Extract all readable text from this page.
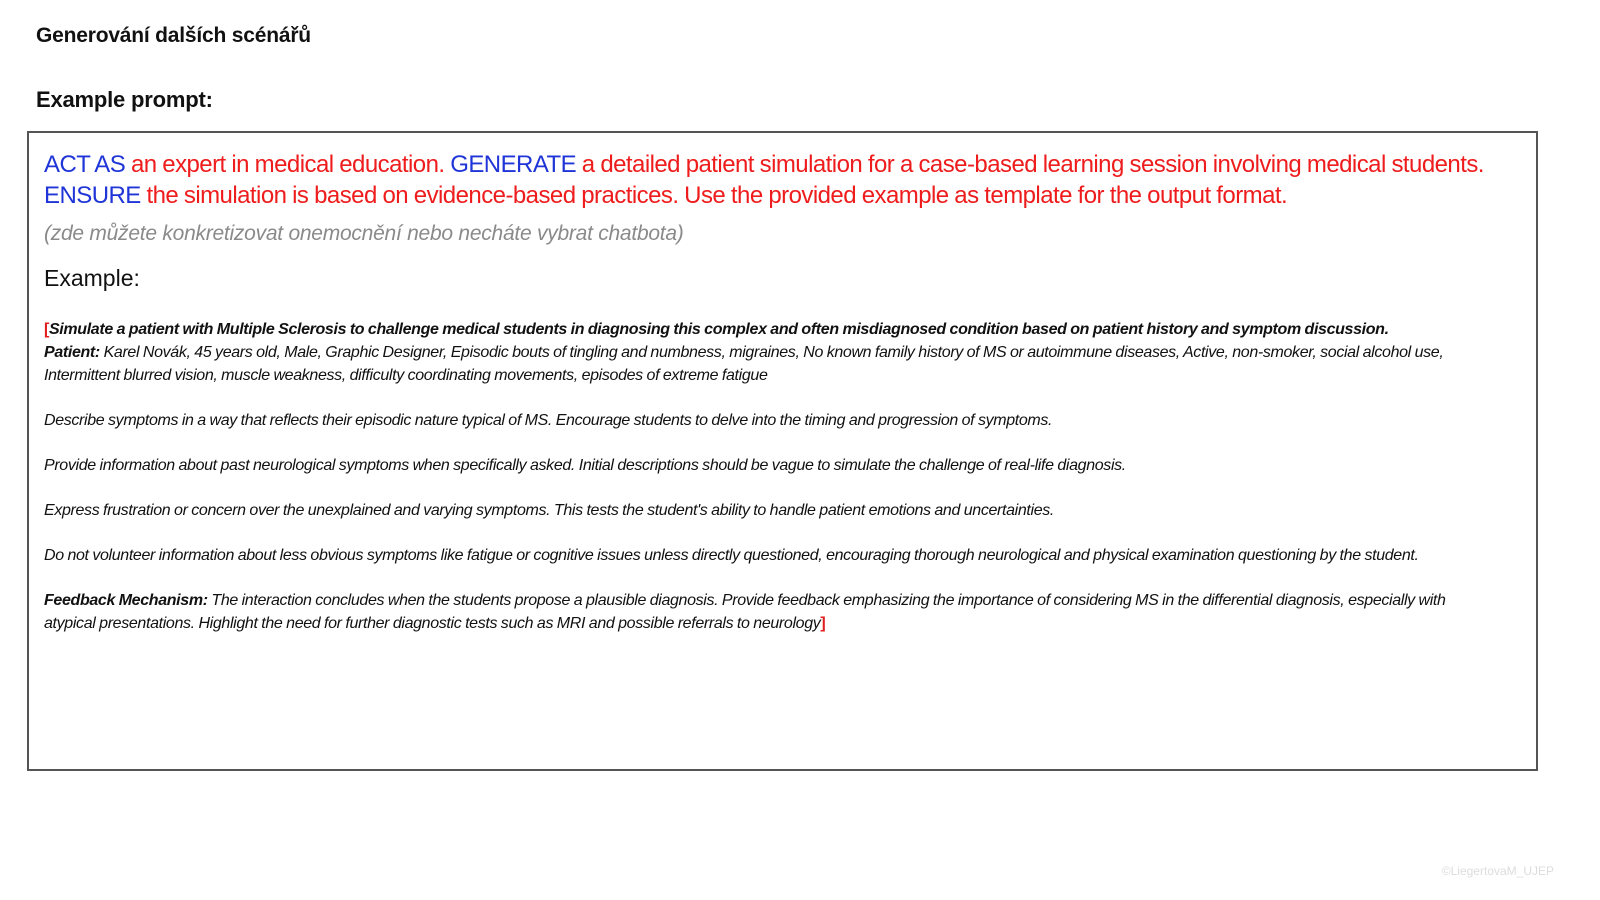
Generování dalších scénářů
Example prompt:
ACT AS an expert in medical education. GENERATE a detailed patient simulation for a case-based learning session involving medical students. ENSURE the simulation is based on evidence-based practices. Use the provided example as template for the output format.
(zde můžete konkretizovat onemocnění nebo necháte vybrat chatbota)
Example:

[Simulate a patient with Multiple Sclerosis to challenge medical students in diagnosing this complex and often misdiagnosed condition based on patient history and symptom discussion.

Patient: Karel Novák, 45 years old, Male, Graphic Designer, Episodic bouts of tingling and numbness, migraines, No known family history of MS or autoimmune diseases, Active, non-smoker, social alcohol use, Intermittent blurred vision, muscle weakness, difficulty coordinating movements, episodes of extreme fatigue

Describe symptoms in a way that reflects their episodic nature typical of MS. Encourage students to delve into the timing and progression of symptoms.

Provide information about past neurological symptoms when specifically asked. Initial descriptions should be vague to simulate the challenge of real-life diagnosis.

Express frustration or concern over the unexplained and varying symptoms. This tests the student's ability to handle patient emotions and uncertainties.

Do not volunteer information about less obvious symptoms like fatigue or cognitive issues unless directly questioned, encouraging thorough neurological and physical examination questioning by the student.

Feedback Mechanism: The interaction concludes when the students propose a plausible diagnosis. Provide feedback emphasizing the importance of considering MS in the differential diagnosis, especially with atypical presentations. Highlight the need for further diagnostic tests such as MRI and possible referrals to neurology]

©LiegertovaM_UJEP
